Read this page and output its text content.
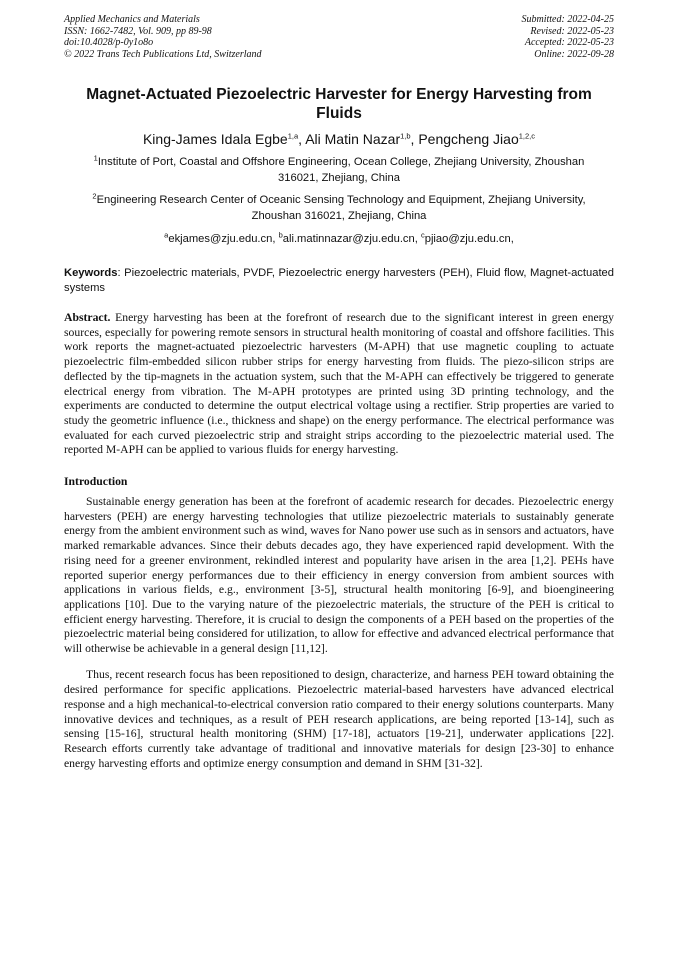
Applied Mechanics and Materials
ISSN: 1662-7482, Vol. 909, pp 89-98
doi:10.4028/p-0y1o8o
© 2022 Trans Tech Publications Ltd, Switzerland
Submitted: 2022-04-25
Revised: 2022-05-23
Accepted: 2022-05-23
Online: 2022-09-28
Magnet-Actuated Piezoelectric Harvester for Energy Harvesting from Fluids
King-James Idala Egbe$^{1,a}$, Ali Matin Nazar$^{1,b}$, Pengcheng Jiao$^{1,2,c}$
$^1$Institute of Port, Coastal and Offshore Engineering, Ocean College, Zhejiang University, Zhoushan 316021, Zhejiang, China
$^2$Engineering Research Center of Oceanic Sensing Technology and Equipment, Zhejiang University, Zhoushan 316021, Zhejiang, China
$^a$ekjames@zju.edu.cn, $^b$ali.matinnazar@zju.edu.cn, $^c$pjiao@zju.edu.cn,

Keywords: Piezoelectric materials, PVDF, Piezoelectric energy harvesters (PEH), Fluid flow, Magnet-actuated systems

Abstract. Energy harvesting has been at the forefront of research due to the significant interest in green energy sources, especially for powering remote sensors in structural health monitoring of coastal and offshore facilities. This work reports the magnet-actuated piezoelectric harvesters (M-APH) that use magnetic coupling to actuate piezoelectric film-embedded silicon rubber strips for energy harvesting from fluids. The piezo-silicon strips are deflected by the tip-magnets in the actuation system, such that the M-APH can effectively be triggered to generate electrical energy from vibration. The M-APH prototypes are printed using 3D printing technology, and the experiments are conducted to determine the output electrical voltage using a rectifier. Strip properties are varied to study the geometric influence (i.e., thickness and shape) on the energy performance. The electrical performance was evaluated for each curved piezoelectric strip and straight strips according to the piezoelectric material used. The reported M-APH can be applied to various fluids for energy harvesting.

Introduction

Sustainable energy generation has been at the forefront of academic research for decades. Piezoelectric energy harvesters (PEH) are energy harvesting technologies that utilize piezoelectric materials to sustainably generate energy from the ambient environment such as wind, waves for Nano power use such as in sensors and actuators, have marked remarkable advances. Since their debuts decades ago, they have experienced rapid development. With the rising need for a greener environment, rekindled interest and popularity have arisen in the area [1,2]. PEHs have reported superior energy performances due to their efficiency in energy conversion from ambient sources with applications in various fields, e.g., environment [3-5], structural health monitoring [6-9], and bioengineering applications [10]. Due to the varying nature of the piezoelectric materials, the structure of the PEH is critical to efficient energy harvesting. Therefore, it is crucial to design the components of a PEH based on the properties of the piezoelectric material being considered for utilization, to allow for effective and advanced electrical performance that will otherwise be achievable in a general design [11,12].

Thus, recent research focus has been repositioned to design, characterize, and harness PEH toward obtaining the desired performance for specific applications. Piezoelectric material-based harvesters have advanced electrical response and a high mechanical-to-electrical conversion ratio compared to their energy solutions counterparts. Many innovative devices and techniques, as a result of PEH research applications, are being reported [13-14], such as sensing [15-16], structural health monitoring (SHM) [17-18], actuators [19-21], underwater applications [22]. Research efforts currently take advantage of traditional and innovative materials for design [23-30] to enhance energy harvesting efforts and optimize energy consumption and demand in SHM [31-32].
